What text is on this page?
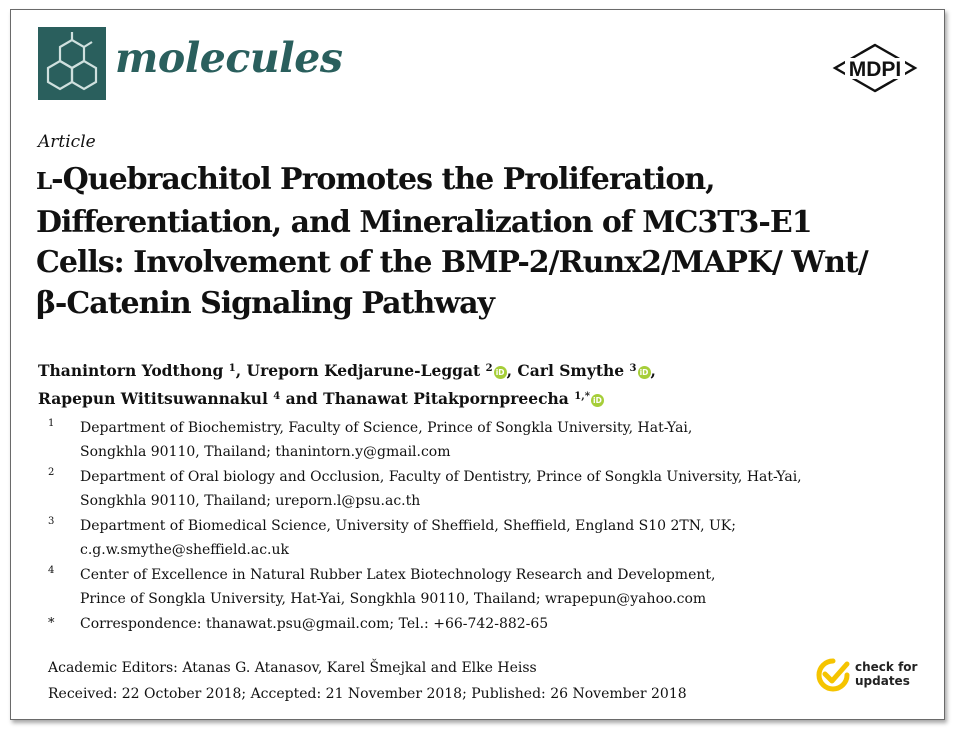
molecules	MDPI
Article
L-Quebrachitol Promotes the Proliferation, Differentiation, and Mineralization of MC3T3-E1 Cells: Involvement of the BMP-2/Runx2/MAPK/ Wnt/β-Catenin Signaling Pathway
Thanintorn Yodthong $^1$, Ureporn Kedjarune-Leggat $^2$ iD , Carl Smythe $^3$ iD ,
Rapepun Wititsuwannakul $^4$ and Thanawat Pitakpornpreecha $^{1,*}$ iD
1 Department of Biochemistry, Faculty of Science, Prince of Songkla University, Hat-Yai,
Songkhla 90110, Thailand; thanintorn.y@gmail.com
2 Department of Oral biology and Occlusion, Faculty of Dentistry, Prince of Songkla University, Hat-Yai,
Songkhla 90110, Thailand; ureporn.l@psu.ac.th
3 Department of Biomedical Science, University of Sheffield, Sheffield, England S10 2TN, UK;
c.g.w.smythe@sheffield.ac.uk
4 Center of Excellence in Natural Rubber Latex Biotechnology Research and Development,
Prince of Songkla University, Hat-Yai, Songkhla 90110, Thailand; wrapepun@yahoo.com
* Correspondence: thanawat.psu@gmail.com; Tel.: +66-742-882-65
Academic Editors: Atanas G. Atanasov, Karel Šmejkal and Elke Heiss
Received: 22 October 2018; Accepted: 21 November 2018; Published: 26 November 2018
check for
updates
